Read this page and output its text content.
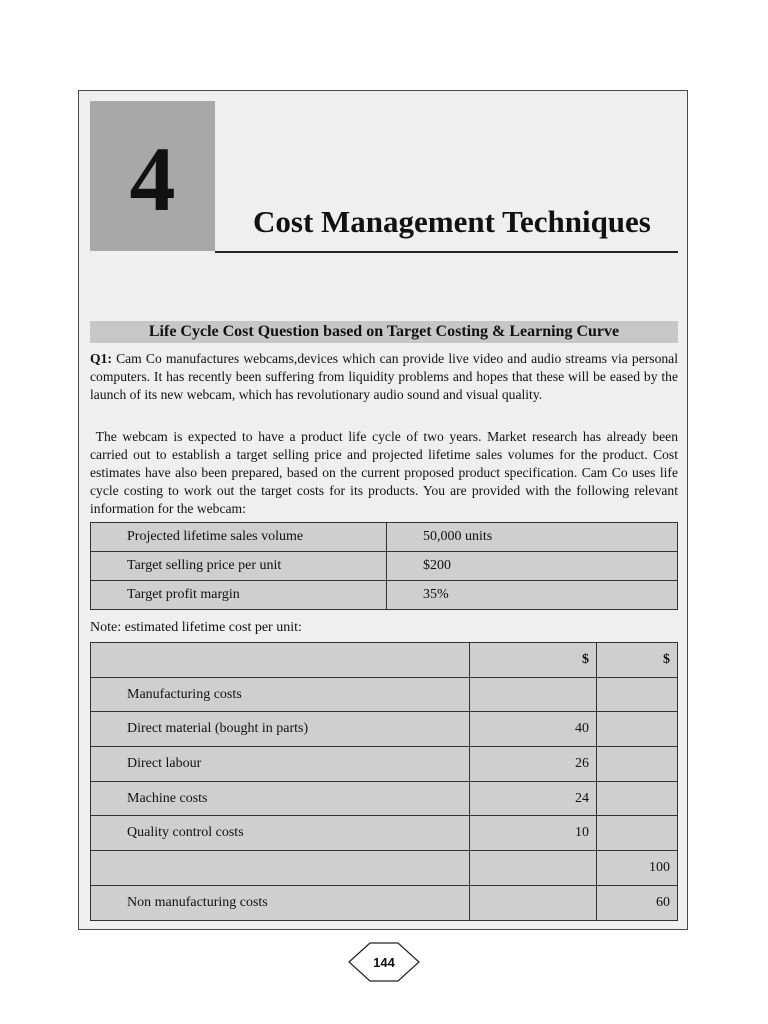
4	Cost Management Techniques
Life Cycle Cost Question based on Target Costing & Learning Curve

Q1: Cam Co manufactures webcams,devices which can provide live video and audio streams via personal computers. It has recently been suffering from liquidity problems and hopes that these will be eased by the launch of its new webcam, which has revolutionary audio sound and visual quality.

The webcam is expected to have a product life cycle of two years. Market research has already been carried out to establish a target selling price and projected lifetime sales volumes for the product. Cost estimates have also been prepared, based on the current proposed product specification. Cam Co uses life cycle costing to work out the target costs for its products. You are provided with the following relevant information for the webcam:

Projected lifetime sales volume	50,000 units
Target selling price per unit	$200
Target profit margin	35%
Note: estimated lifetime cost per unit:
	$	$
Manufacturing costs		
Direct material (bought in parts)	40	
Direct labour	26	
Machine costs	24	
Quality control costs	10	
		100
Non manufacturing costs		60
144
